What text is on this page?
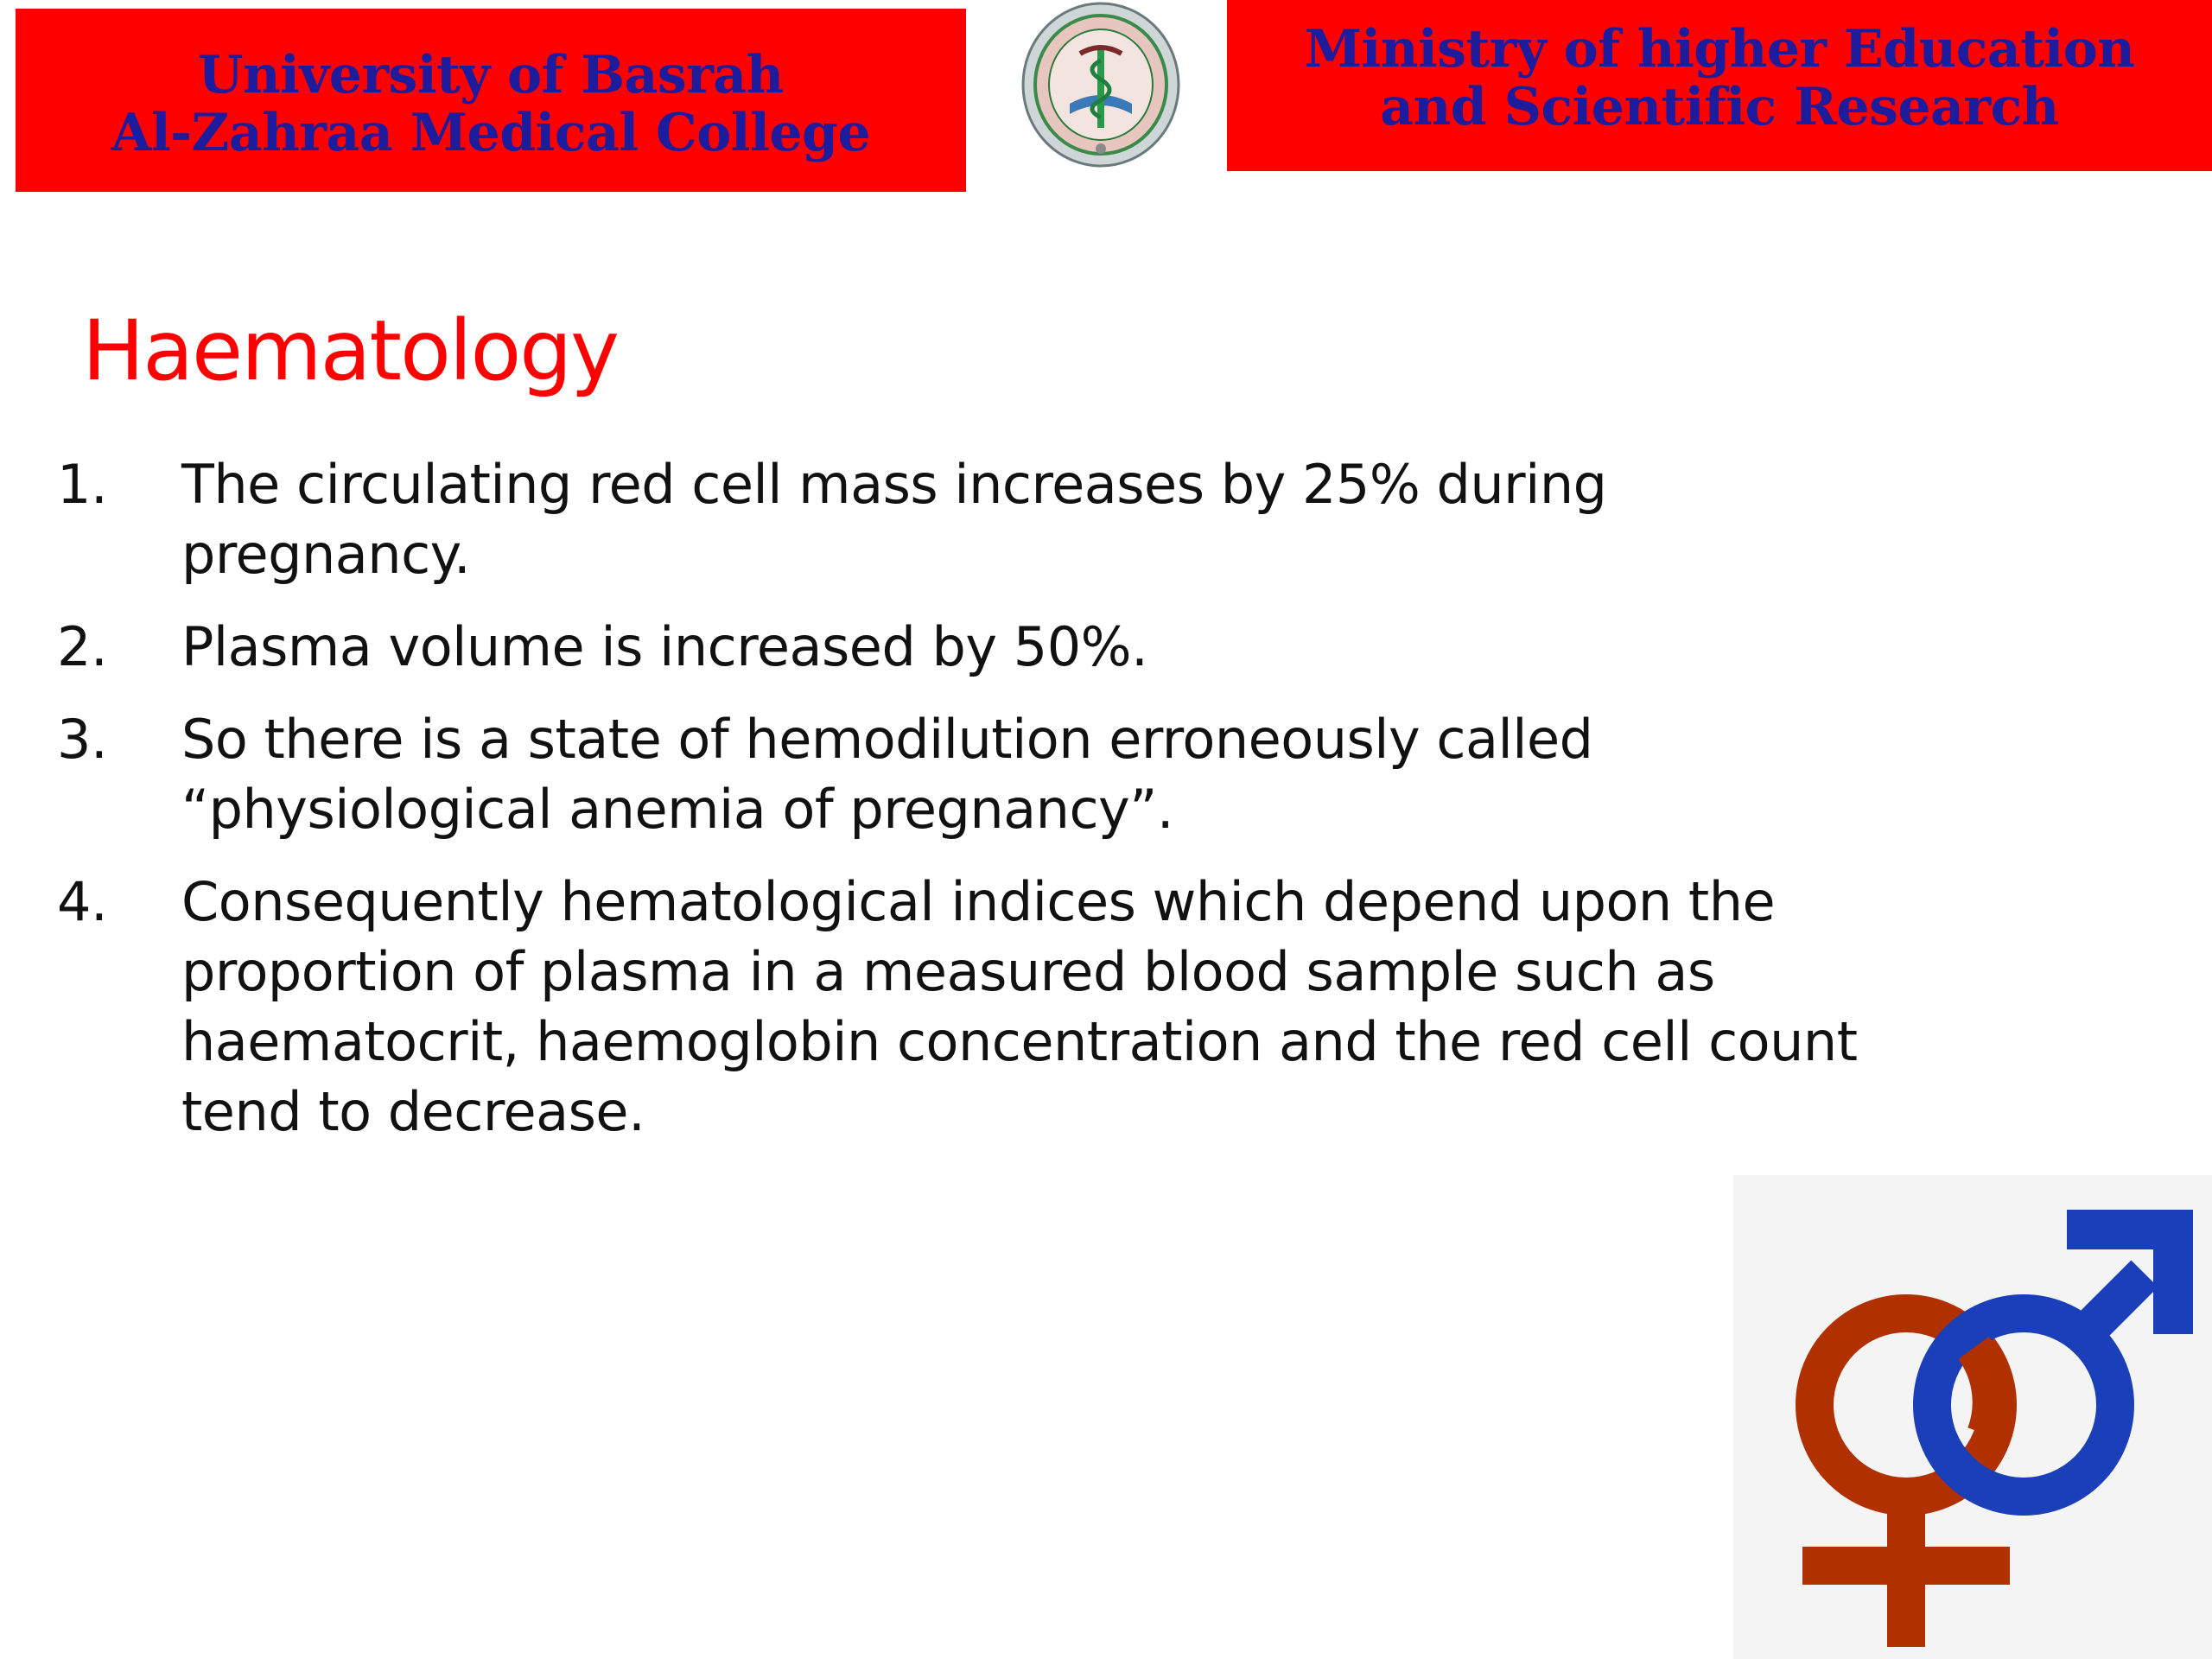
University of Basrah
Al-Zahraa Medical College
Ministry of higher Education
and Scientific Research
Haematology
1. The circulating red cell mass increases by 25% during pregnancy.
2. Plasma volume is increased by 50%.
3. So there is a state of hemodilution erroneously called
“physiological anemia of pregnancy”.
4. Consequently hematological indices which depend upon the
proportion of plasma in a measured blood sample such as
haematocrit, haemoglobin concentration and the red cell count
tend to decrease.
